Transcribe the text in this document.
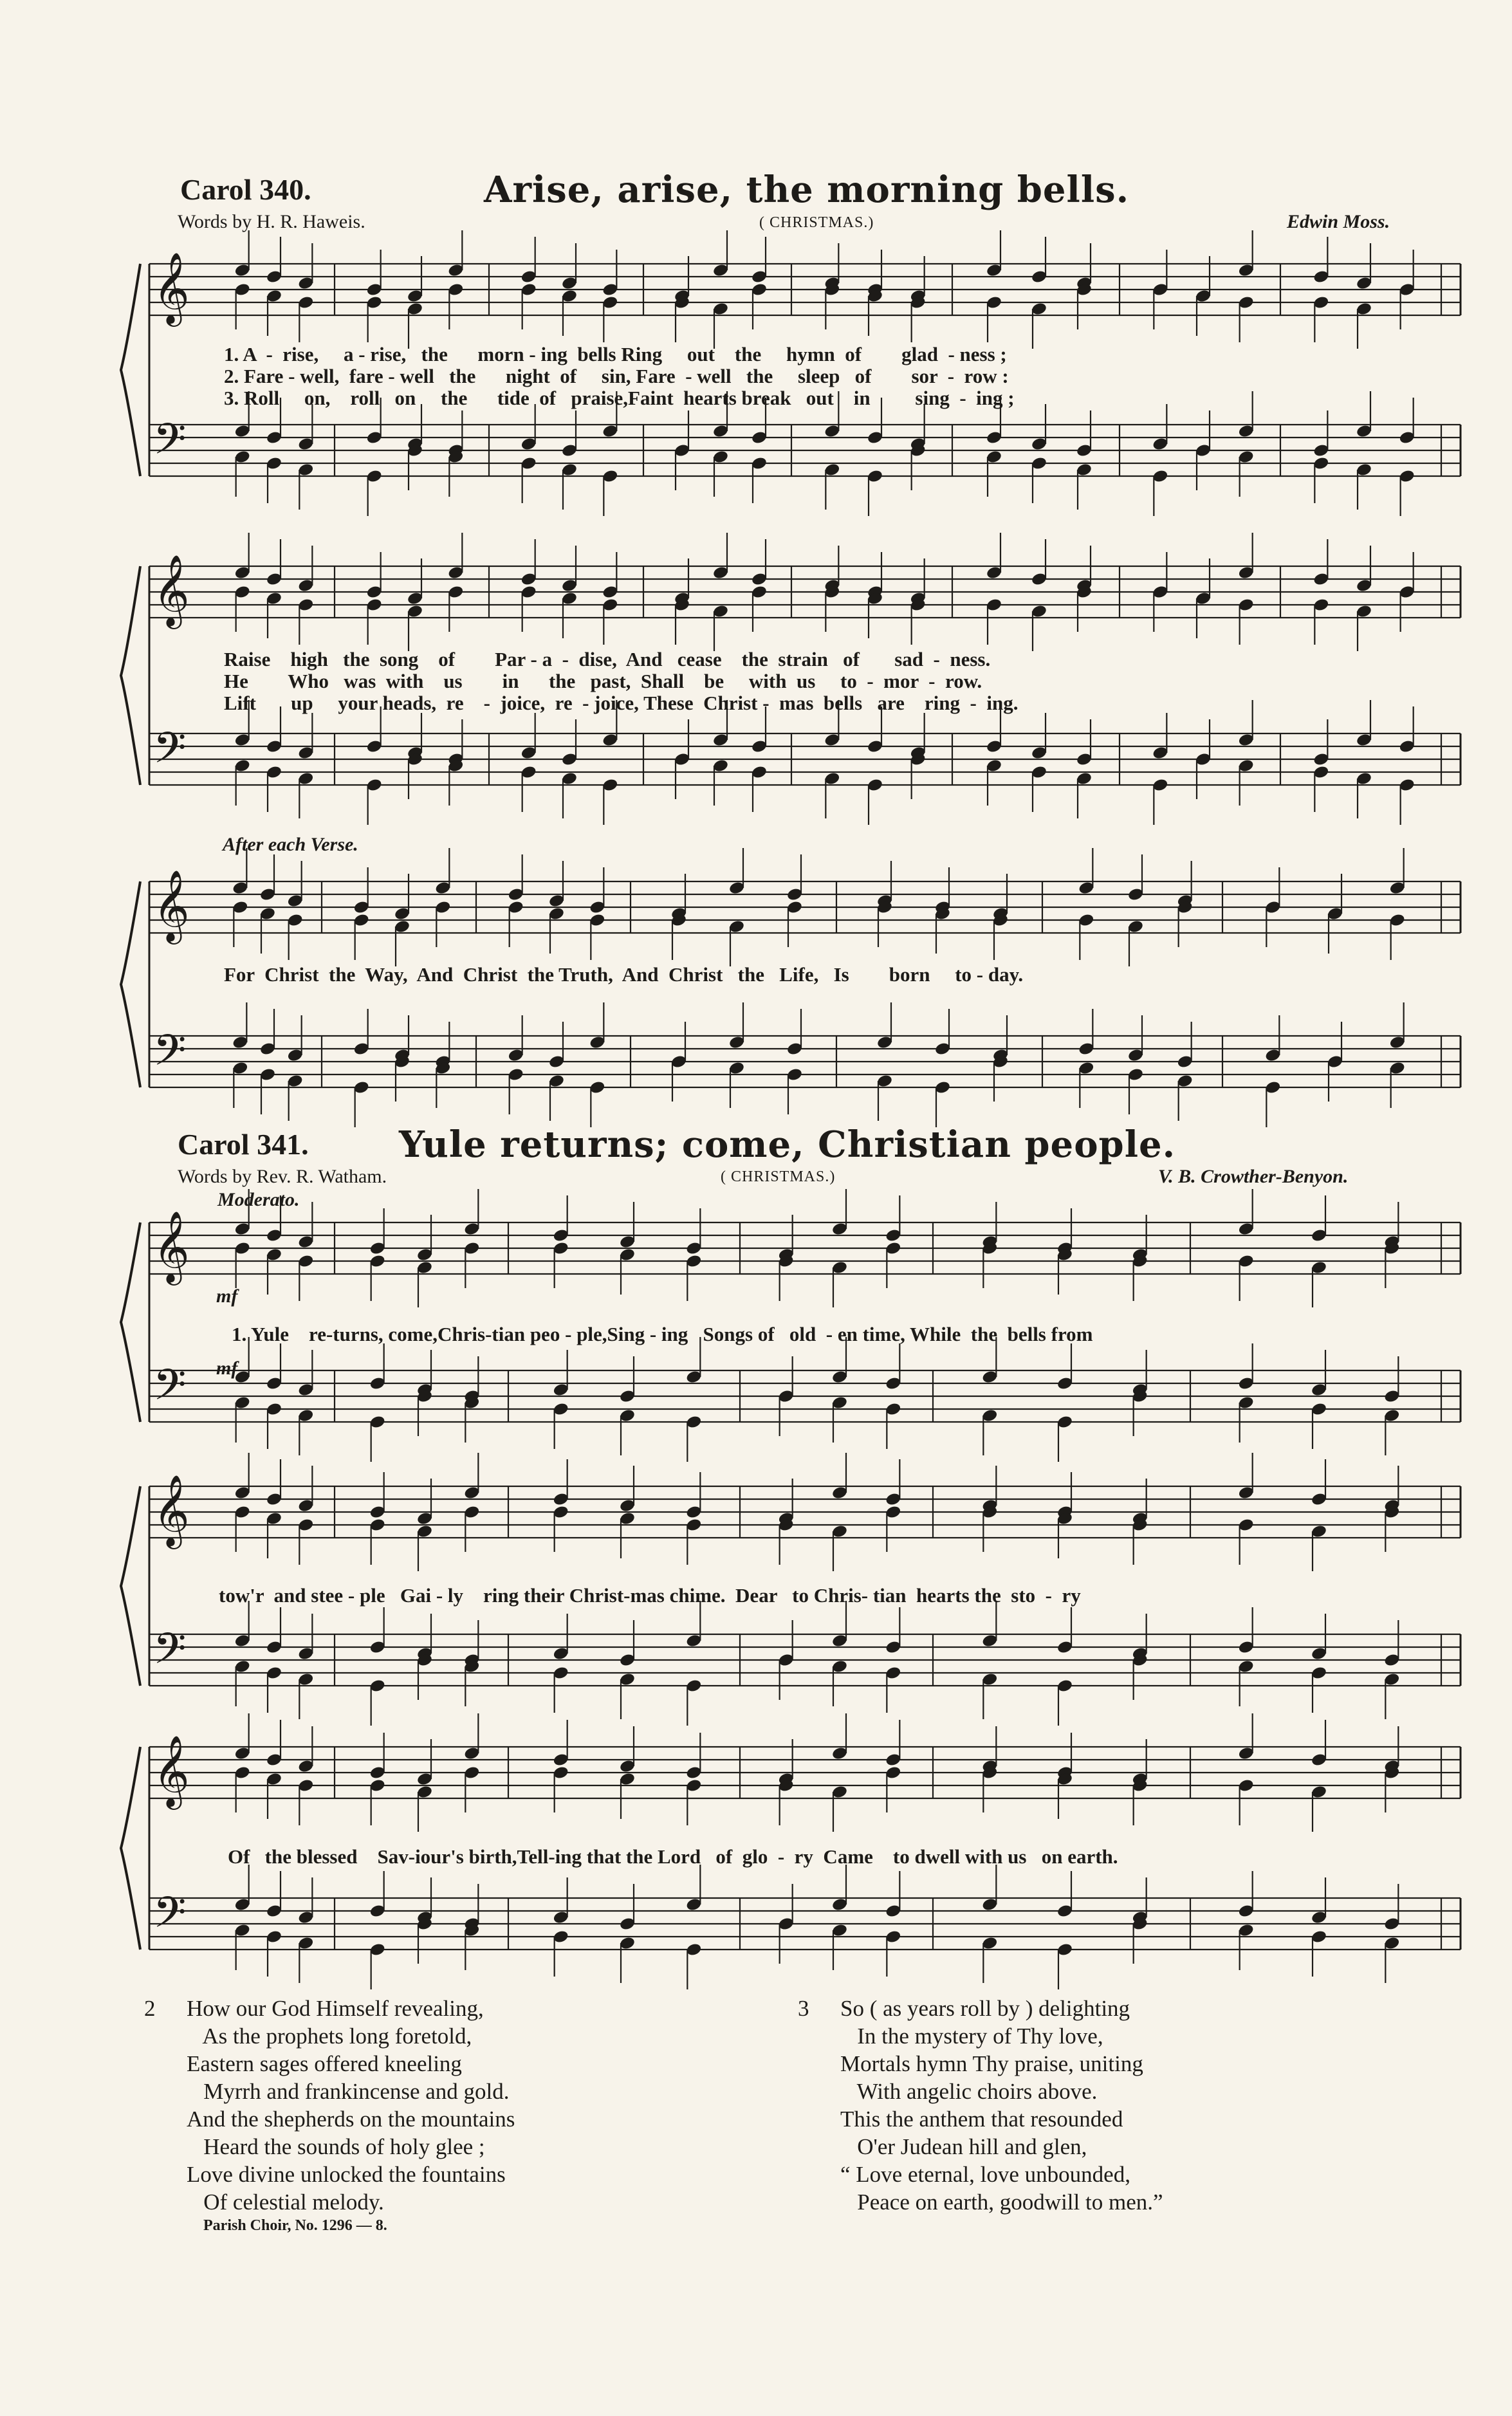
Carol 340.	Arise, arise, the morning bells.
Words by H. R. Haweis.	( CHRISTMAS.)	Edwin Moss.
𝄞
𝄢
𝄞
𝄢
𝄞
𝄢
𝄞
𝄢
𝄞
𝄢
𝄞
𝄢
1. A  -  rise,     a - rise,   the      morn - ing  bells Ring     out    the     hymn  of        glad  - ness ;
2. Fare - well,  fare - well   the      night  of     sin, Fare  - well   the     sleep   of        sor  -  row :
3. Roll     on,    roll   on     the      tide  of   praise,Faint  hearts break   out    in         sing  -  ing ;
Raise    high   the  song    of        Par - a  -  dise,  And   cease    the  strain   of       sad  -  ness.
He        Who   was  with    us        in      the   past,  Shall    be     with  us     to  -  mor  -  row.
Lift       up     your heads,  re    -  joice,  re  - joice, These  Christ -  mas  bells   are    ring  -  ing.
After each Verse.
For  Christ  the  Way,  And  Christ  the Truth,  And  Christ   the   Life,   Is        born     to - day.
Carol 341.	Yule returns; come, Christian people.
Words by Rev. R. Watham.	( CHRISTMAS.)	V. B. Crowther-Benyon.
Moderato.
mf
mf
1. Yule    re-turns, come,Chris-tian peo - ple,Sing - ing   Songs of   old  - en time, While  the  bells from
tow'r  and stee - ple   Gai - ly    ring their Christ-mas chime.  Dear   to Chris- tian  hearts the  sto  -  ry
Of   the blessed    Sav-iour's birth,Tell-ing that the Lord   of  glo  -  ry  Came    to dwell with us   on earth.
2 How our God Himself revealing,
As the prophets long foretold,
Eastern sages offered kneeling
Myrrh and frankincense and gold.
And the shepherds on the mountains
Heard the sounds of holy glee ;
Love divine unlocked the fountains
Of celestial melody.
3 So ( as years roll by ) delighting
In the mystery of Thy love,
Mortals hymn Thy praise, uniting
With angelic choirs above.
This the anthem that resounded
O'er Judean hill and glen,
“ Love eternal, love unbounded,
Peace on earth, goodwill to men.”
Parish Choir, No. 1296 — 8.
